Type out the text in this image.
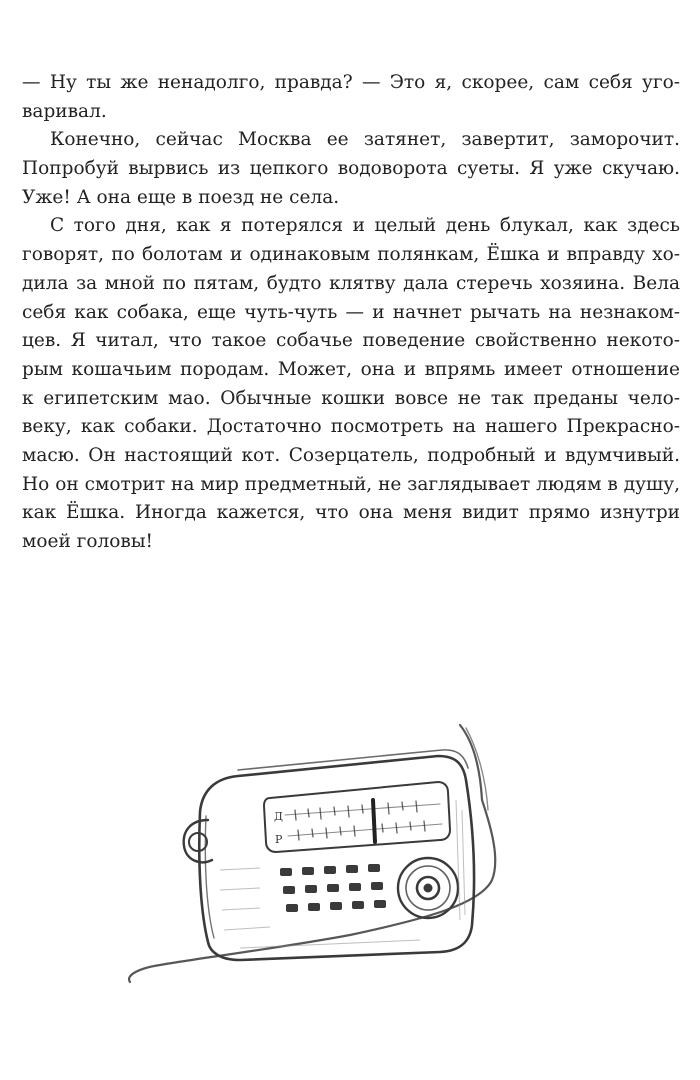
— Ну ты же ненадолго, правда? — Это я, скорее, сам себя уго-
варивал.
Конечно, сейчас Москва ее затянет, завертит, заморочит.
Попробуй вырвись из цепкого водоворота суеты. Я уже скучаю.
Уже! А она еще в поезд не села.
С того дня, как я потерялся и целый день блукал, как здесь
говорят, по болотам и одинаковым полянкам, Ёшка и вправду хо-
дила за мной по пятам, будто клятву дала стеречь хозяина. Вела
себя как собака, еще чуть-чуть — и начнет рычать на незнаком-
цев. Я читал, что такое собачье поведение свойственно некото-
рым кошачьим породам. Может, она и впрямь имеет отношение
к египетским мао. Обычные кошки вовсе не так преданы чело-
веку, как собаки. Достаточно посмотреть на нашего Прекрасно-
масю. Он настоящий кот. Созерцатель, подробный и вдумчивый.
Но он смотрит на мир предметный, не заглядывает людям в душу,
как Ёшка. Иногда кажется, что она меня видит прямо изнутри
моей головы!
Д
Р
